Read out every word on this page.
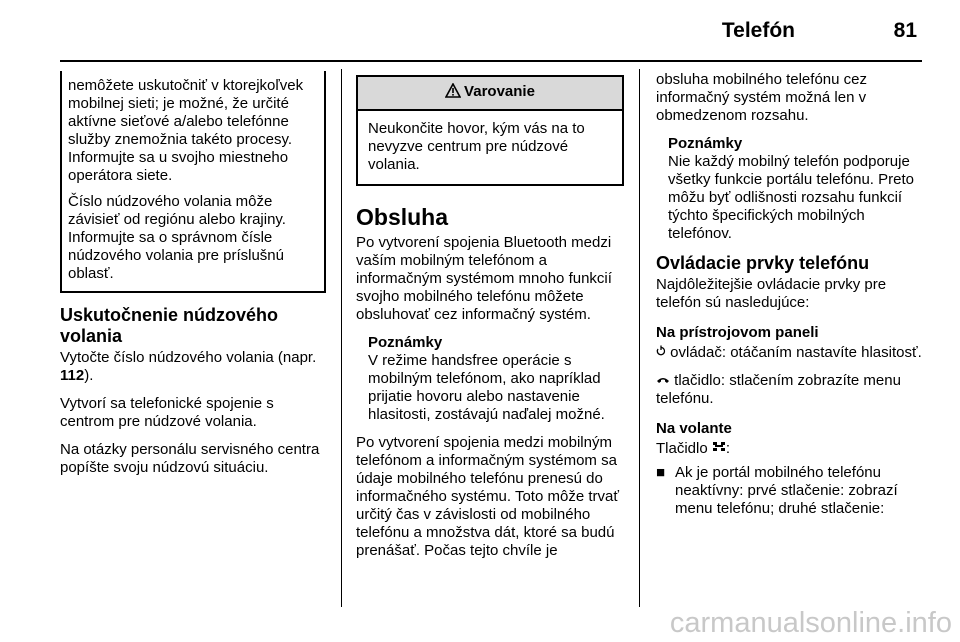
Telefón	81

nemôžete uskutočniť v ktorejkoľvek mobilnej sieti; je možné, že určité aktívne sieťové a/alebo telefónne služby znemožnia takéto procesy. Informujte sa u svojho miestneho operátora siete.

Číslo núdzového volania môže závisieť od regiónu alebo krajiny. Informujte sa o správnom čísle núdzového volania pre príslušnú oblasť.

Uskutočnenie núdzového volania

Vytočte číslo núdzového volania (napr. 112).

Vytvorí sa telefonické spojenie s centrom pre núdzové volania.

Na otázky personálu servisného centra popíšte svoju núdzovú situáciu.

Varovanie
Neukončite hovor, kým vás na to nevyzve centrum pre núdzové volania.
Obsluha

Po vytvorení spojenia Bluetooth medzi vaším mobilným telefónom a informačným systémom mnoho funkcií svojho mobilného telefónu môžete obsluhovať cez informačný systém.

Poznámky
V režime handsfree operácie s mobilným telefónom, ako napríklad prijatie hovoru alebo nastavenie hlasitosti, zostávajú naďalej možné.

Po vytvorení spojenia medzi mobilným telefónom a informačným systémom sa údaje mobilného telefónu prenesú do informačného systému. Toto môže trvať určitý čas v závislosti od mobilného telefónu a množstva dát, ktoré sa budú prenášať. Počas tejto chvíle je

obsluha mobilného telefónu cez informačný systém možná len v obmedzenom rozsahu.

Poznámky
Nie každý mobilný telefón podporuje všetky funkcie portálu telefónu. Preto môžu byť odlišnosti rozsahu funkcií týchto špecifických mobilných telefónov.
Ovládacie prvky telefónu

Najdôležitejšie ovládacie prvky pre telefón sú nasledujúce:

Na prístrojovom paneli

ovládač: otáčaním nastavíte hlasitosť.

tlačidlo: stlačením zobrazíte menu telefónu.

Na volante

Tlačidlo :

■ Ak je portál mobilného telefónu neaktívny: prvé stlačenie: zobrazí menu telefónu; druhé stlačenie:
carmanualsonline.info
